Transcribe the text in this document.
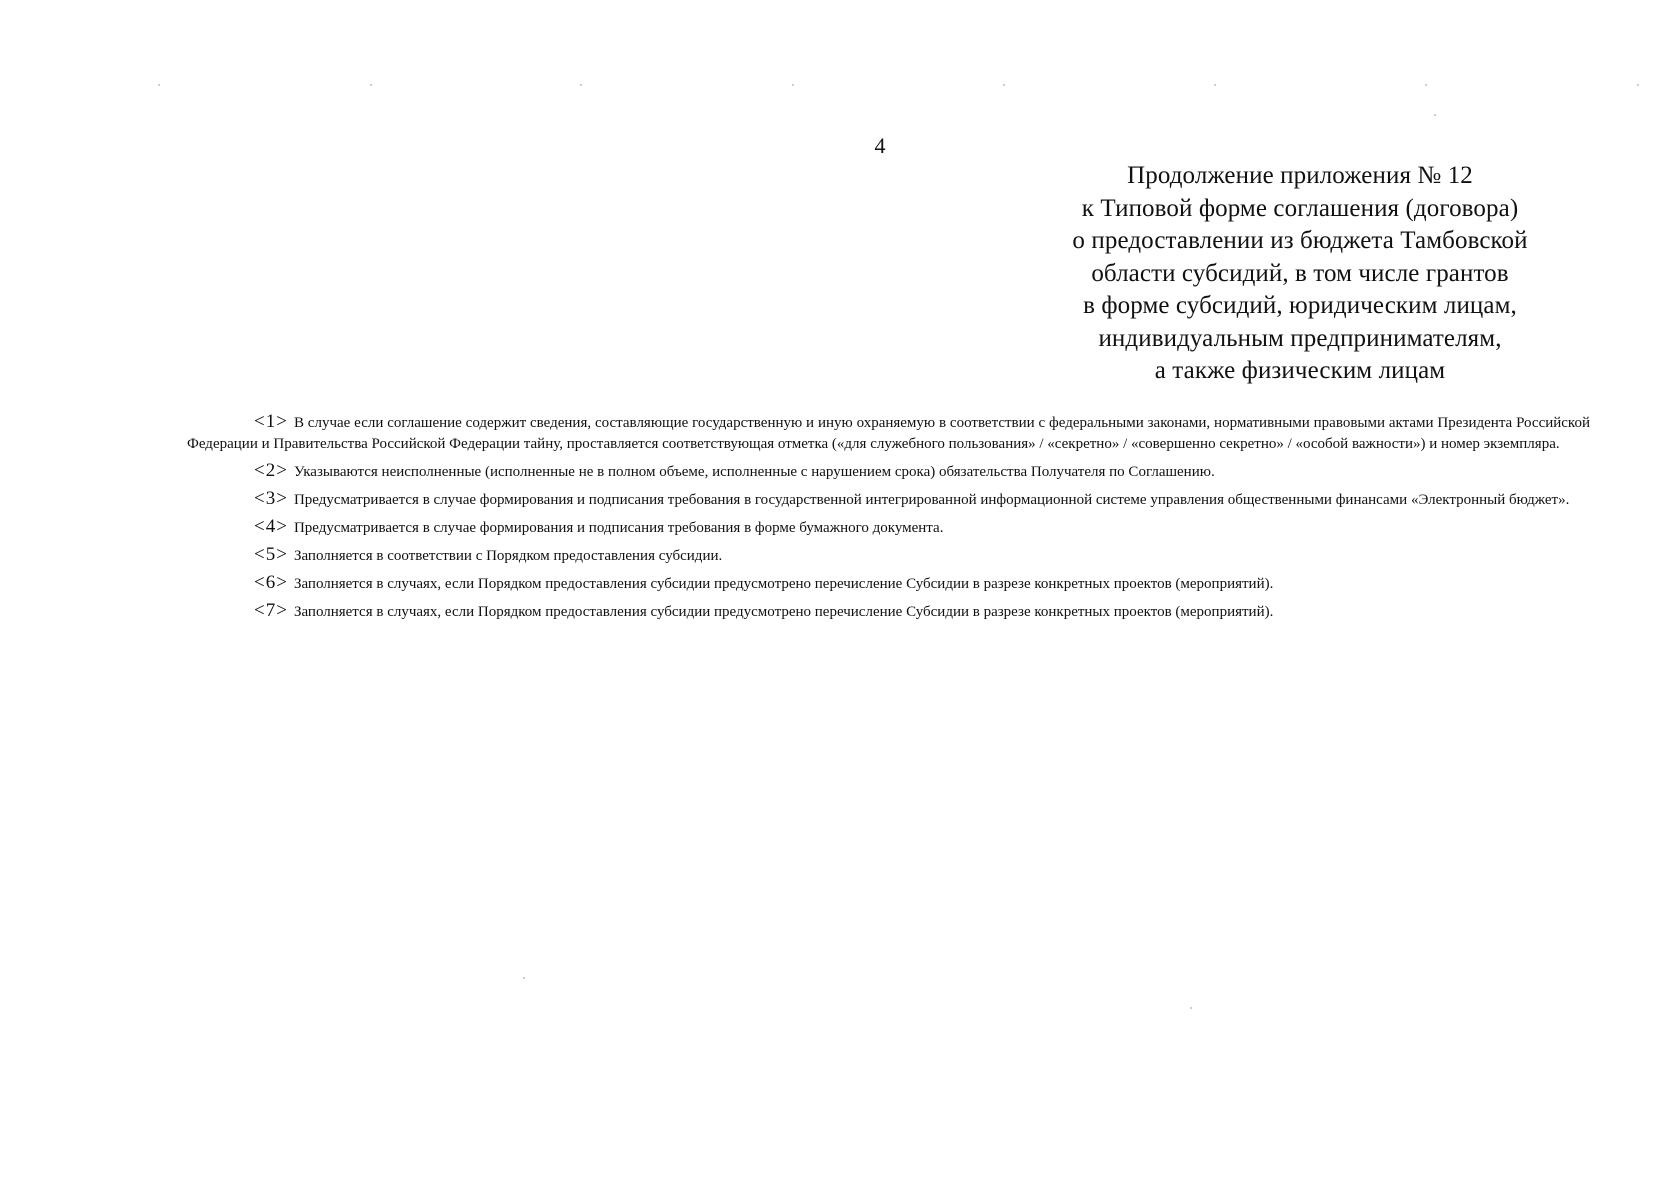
4
Продолжение приложения № 12
к Типовой форме соглашения (договора)
о предоставлении из бюджета Тамбовской
области субсидий, в том числе грантов
в форме субсидий, юридическим лицам,
индивидуальным предпринимателям,
а также физическим лицам

<1> В случае если соглашение содержит сведения, составляющие государственную и иную охраняемую в соответствии с федеральными законами, нормативными правовыми актами Президента Российской Федерации и Правительства Российской Федерации тайну, проставляется соответствующая отметка («для служебного пользования» / «секретно» / «совершенно секретно» / «особой важности») и номер экземпляра.

<2> Указываются неисполненные (исполненные не в полном объеме, исполненные с нарушением срока) обязательства Получателя по Соглашению.

<3> Предусматривается в случае формирования и подписания требования в государственной интегрированной информационной системе управления общественными финансами «Электронный бюджет».

<4> Предусматривается в случае формирования и подписания требования в форме бумажного документа.

<5> Заполняется в соответствии с Порядком предоставления субсидии.

<6> Заполняется в случаях, если Порядком предоставления субсидии предусмотрено перечисление Субсидии в разрезе конкретных проектов (мероприятий).

<7> Заполняется в случаях, если Порядком предоставления субсидии предусмотрено перечисление Субсидии в разрезе конкретных проектов (мероприятий).
